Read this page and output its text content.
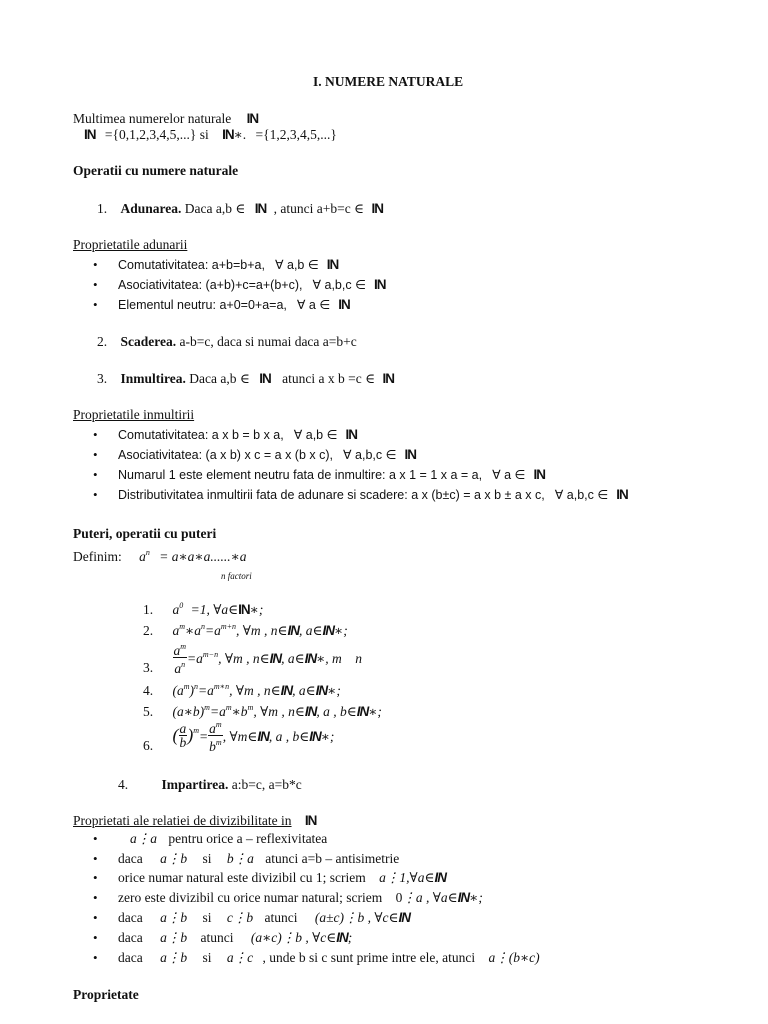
I. NUMERE NATURALE
Multimea numerelor naturale IN
IN ={0,1,2,3,4,5,...} si IN∗. ={1,2,3,4,5,...}
Operatii cu numere naturale
1. Adunarea. Daca a,b ∈ IN , atunci a+b=c ∈ IN
Proprietatile adunarii
• Comutativitatea: a+b=b+a, ∀ a,b ∈ IN
• Asociativitatea: (a+b)+c=a+(b+c), ∀ a,b,c ∈ IN
• Elementul neutru: a+0=0+a=a, ∀ a ∈ IN
2. Scaderea. a-b=c, daca si numai daca a=b+c
3. Inmultirea. Daca a,b ∈ IN atunci a x b =c ∈ IN
Proprietatile inmultirii
• Comutativitatea: a x b = b x a, ∀ a,b ∈ IN
• Asociativitatea: (a x b) x c = a x (b x c), ∀ a,b,c ∈ IN
• Numarul 1 este element neutru fata de inmultire: a x 1 = 1 x a = a, ∀ a ∈ IN
• Distributivitatea inmultirii fata de adunare si scadere: a x (b±c) = a x b ± a x c, ∀ a,b,c ∈ IN
Puteri, operatii cu puteri
Definim: $a^n$ = a∗a∗a......∗a
n factori
1. $a^0 =1$, ∀a∈IN∗;
2. $a^m∗a^n=a^{m+n}$, ∀m , n∈IN, a∈IN∗;
3. $\frac{a^m}{a^n} =a^{m-n}$, ∀m , n∈IN, a∈IN∗, m    n
4. $(a^m)^n=a^{m∗n}$, ∀m , n∈IN, a∈IN∗;
5. $(a∗b)^m=a^m∗b^m$, ∀m , n∈IN, a , b∈IN∗;
6. ( $\frac{a}{b} )^m= \frac{a^m}{b^m}$ , ∀m∈IN, a , b∈IN∗;
4. Impartirea. a:b=c, a=b*c
Proprietati ale relatiei de divizibilitate in IN
• a⋮a pentru orice a – reflexivitatea
• daca a⋮b si b⋮a atunci a=b – antisimetrie
• orice numar natural este divizibil cu 1; scriem a⋮1,∀a∈IN
• zero este divizibil cu orice numar natural; scriem 0⋮a , ∀a∈IN∗;
• daca a⋮b si c⋮b atunci (a±c)⋮b , ∀c∈IN
• daca a⋮b atunci (a∗c)⋮b , ∀c∈IN;
• daca a⋮b si a⋮c , unde b si c sunt prime intre ele, atunci a⋮(b∗c)
Proprietate
